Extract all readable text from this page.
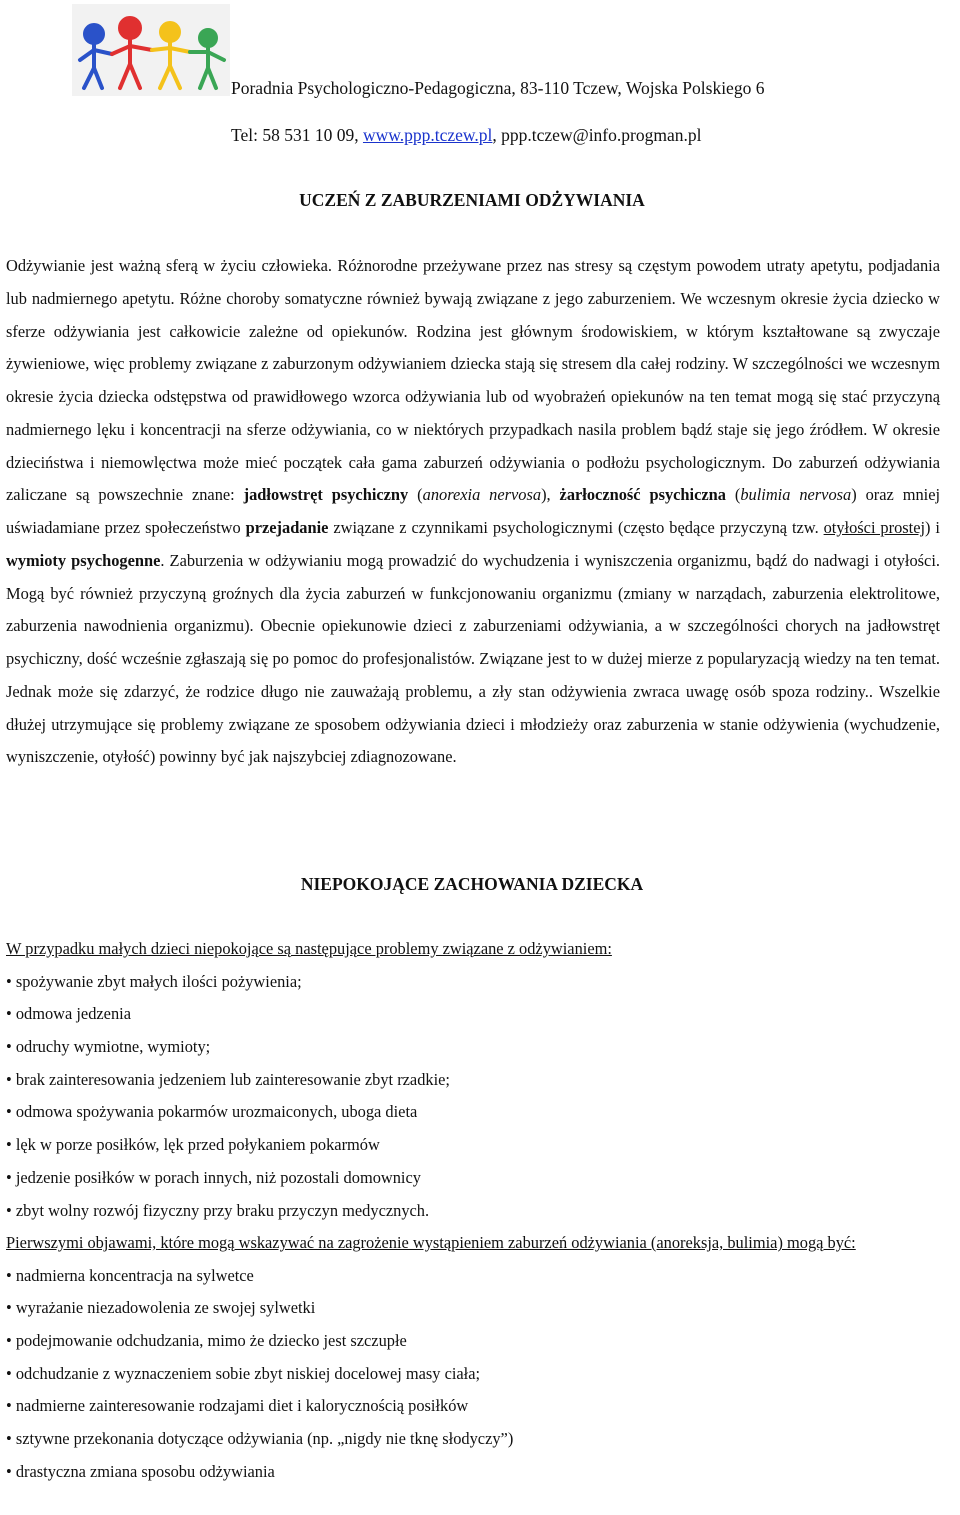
Poradnia Psychologiczno-Pedagogiczna, 83-110 Tczew, Wojska Polskiego 6
Tel: 58 531 10 09, www.ppp.tczew.pl, ppp.tczew@info.progman.pl
UCZEŃ Z ZABURZENIAMI ODŻYWIANIA
Odżywianie jest ważną sferą w życiu człowieka. Różnorodne przeżywane przez nas stresy są częstym powodem utraty apetytu, podjadania lub nadmiernego apetytu. Różne choroby somatyczne również bywają związane z jego zaburzeniem. We wczesnym okresie życia dziecko w sferze odżywiania jest całkowicie zależne od opiekunów. Rodzina jest głównym środowiskiem, w którym kształtowane są zwyczaje żywieniowe, więc problemy związane z zaburzonym odżywianiem dziecka stają się stresem dla całej rodziny. W szczególności we wczesnym okresie życia dziecka odstępstwa od prawidłowego wzorca odżywiania lub od wyobrażeń opiekunów na ten temat mogą się stać przyczyną nadmiernego lęku i koncentracji na sferze odżywiania, co w niektórych przypadkach nasila problem bądź staje się jego źródłem. W okresie dzieciństwa i niemowlęctwa może mieć początek cała gama zaburzeń odżywiania o podłożu psychologicznym. Do zaburzeń odżywiania zaliczane są powszechnie znane: jadłowstręt psychiczny (anorexia nervosa), żarłoczność psychiczna (bulimia nervosa) oraz mniej uświadamiane przez społeczeństwo przejadanie związane z czynnikami psychologicznymi (często będące przyczyną tzw. otyłości prostej) i wymioty psychogenne. Zaburzenia w odżywianiu mogą prowadzić do wychudzenia i wyniszczenia organizmu, bądź do nadwagi i otyłości. Mogą być również przyczyną groźnych dla życia zaburzeń w funkcjonowaniu organizmu (zmiany w narządach, zaburzenia elektrolitowe, zaburzenia nawodnienia organizmu). Obecnie opiekunowie dzieci z zaburzeniami odżywiania, a w szczególności chorych na jadłowstręt psychiczny, dość wcześnie zgłaszają się po pomoc do profesjonalistów. Związane jest to w dużej mierze z popularyzacją wiedzy na ten temat. Jednak może się zdarzyć, że rodzice długo nie zauważają problemu, a zły stan odżywienia zwraca uwagę osób spoza rodziny.. Wszelkie dłużej utrzymujące się problemy związane ze sposobem odżywiania dzieci i młodzieży oraz zaburzenia w stanie odżywienia (wychudzenie, wyniszczenie, otyłość) powinny być jak najszybciej zdiagnozowane.
NIEPOKOJĄCE ZACHOWANIA DZIECKA
W przypadku małych dzieci niepokojące są następujące problemy związane z odżywianiem:
• spożywanie zbyt małych ilości pożywienia;
• odmowa jedzenia
• odruchy wymiotne, wymioty;
• brak zainteresowania jedzeniem lub zainteresowanie zbyt rzadkie;
• odmowa spożywania pokarmów urozmaiconych, uboga dieta
• lęk w porze posiłków, lęk przed połykaniem pokarmów
• jedzenie posiłków w porach innych, niż pozostali domownicy
• zbyt wolny rozwój fizyczny przy braku przyczyn medycznych.
Pierwszymi objawami, które mogą wskazywać na zagrożenie wystąpieniem zaburzeń odżywiania (anoreksja, bulimia) mogą być:
• nadmierna koncentracja na sylwetce
• wyrażanie niezadowolenia ze swojej sylwetki
• podejmowanie odchudzania, mimo że dziecko jest szczupłe
• odchudzanie z wyznaczeniem sobie zbyt niskiej docelowej masy ciała;
• nadmierne zainteresowanie rodzajami diet i kalorycznością posiłków
• sztywne przekonania dotyczące odżywiania (np. „nigdy nie tknę słodyczy”)
• drastyczna zmiana sposobu odżywiania
